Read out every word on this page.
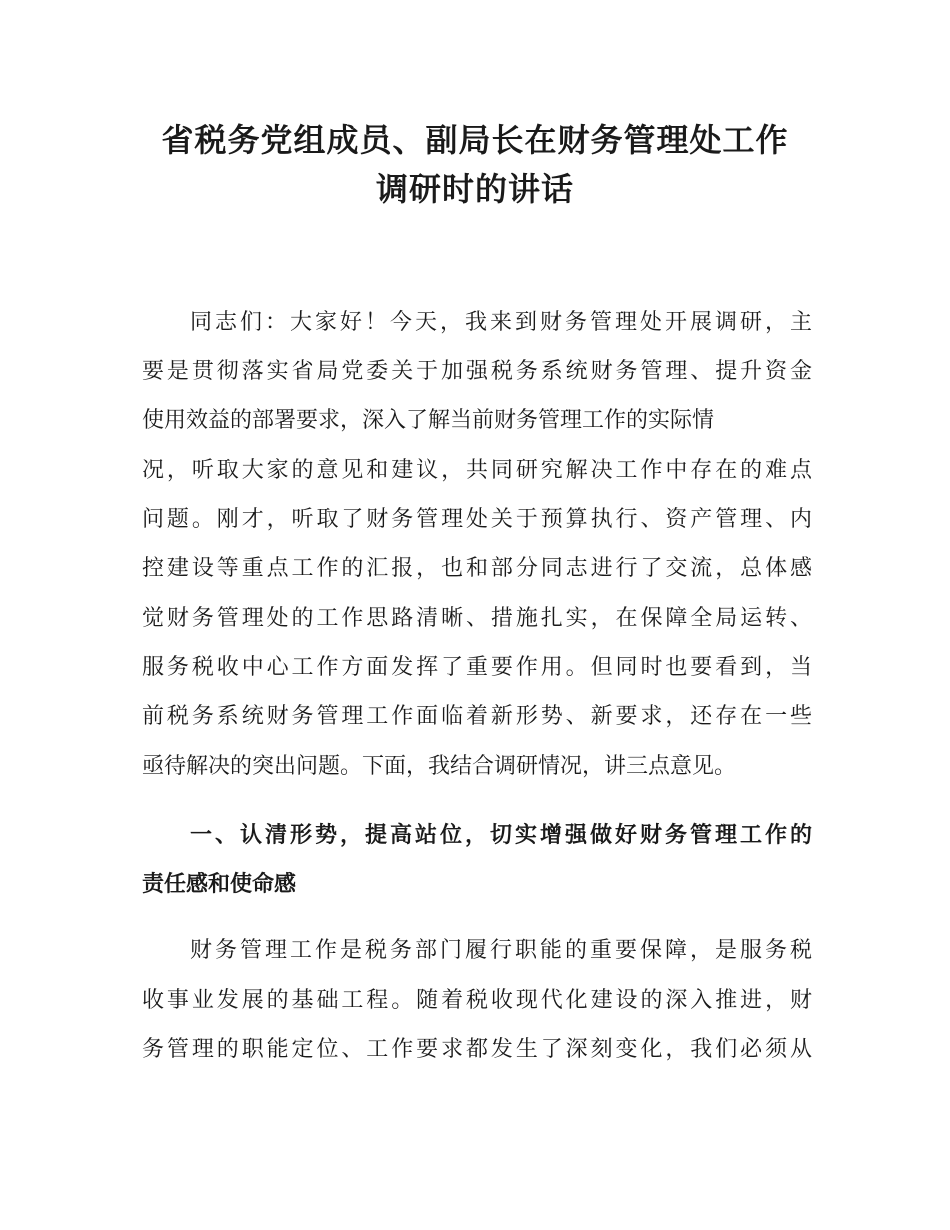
省税务党组成员、副局长在财务管理处工作
调研时的讲话

同志们：大家好！今天，我来到财务管理处开展调研，主

要是贯彻落实省局党委关于加强税务系统财务管理、提升资金

使用效益的部署要求，深入了解当前财务管理工作的实际情

况，听取大家的意见和建议，共同研究解决工作中存在的难点

问题。刚才，听取了财务管理处关于预算执行、资产管理、内

控建设等重点工作的汇报，也和部分同志进行了交流，总体感

觉财务管理处的工作思路清晰、措施扎实，在保障全局运转、

服务税收中心工作方面发挥了重要作用。但同时也要看到，当

前税务系统财务管理工作面临着新形势、新要求，还存在一些

亟待解决的突出问题。下面，我结合调研情况，讲三点意见。

一、认清形势，提高站位，切实增强做好财务管理工作的

责任感和使命感

财务管理工作是税务部门履行职能的重要保障，是服务税

收事业发展的基础工程。随着税收现代化建设的深入推进，财

务管理的职能定位、工作要求都发生了深刻变化，我们必须从
